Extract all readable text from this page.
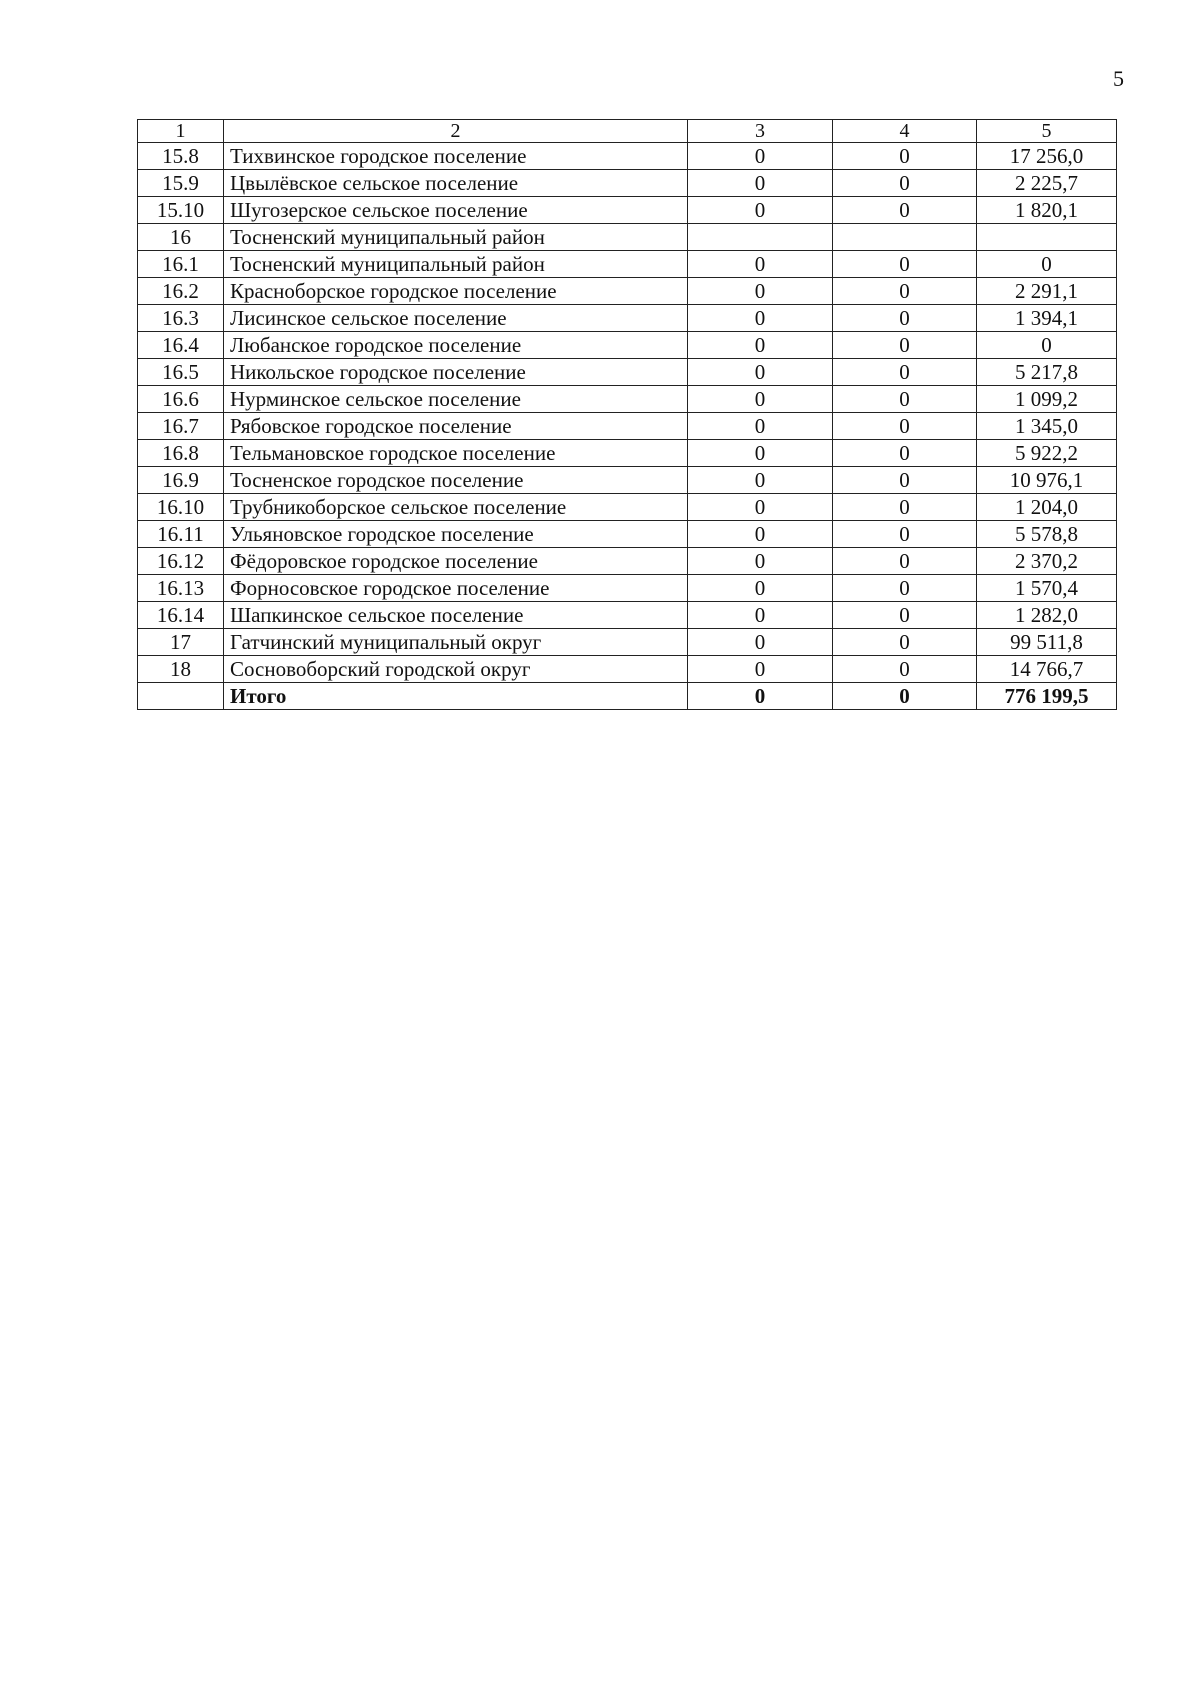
5
1	2	3	4	5
15.8	Тихвинское городское поселение	0	0	17 256,0
15.9	Цвылёвское сельское поселение	0	0	2 225,7
15.10	Шугозерское сельское поселение	0	0	1 820,1
16	Тосненский муниципальный район			
16.1	Тосненский муниципальный район	0	0	0
16.2	Красноборское городское поселение	0	0	2 291,1
16.3	Лисинское сельское поселение	0	0	1 394,1
16.4	Любанское городское поселение	0	0	0
16.5	Никольское городское поселение	0	0	5 217,8
16.6	Нурминское сельское поселение	0	0	1 099,2
16.7	Рябовское городское поселение	0	0	1 345,0
16.8	Тельмановское городское поселение	0	0	5 922,2
16.9	Тосненское городское поселение	0	0	10 976,1
16.10	Трубникоборское сельское поселение	0	0	1 204,0
16.11	Ульяновское городское поселение	0	0	5 578,8
16.12	Фёдоровское городское поселение	0	0	2 370,2
16.13	Форносовское городское поселение	0	0	1 570,4
16.14	Шапкинское сельское поселение	0	0	1 282,0
17	Гатчинский муниципальный округ	0	0	99 511,8
18	Сосновоборский городской округ	0	0	14 766,7
	Итого	0	0	776 199,5
